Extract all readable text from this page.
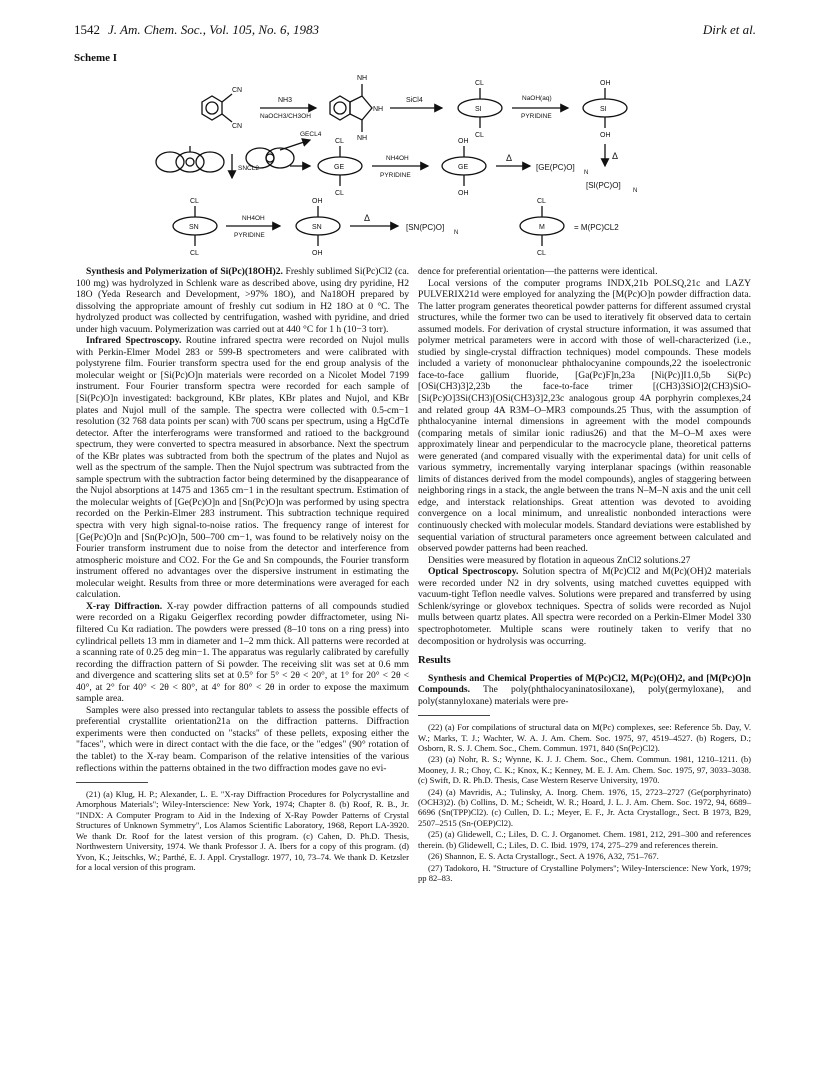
1542 J. Am. Chem. Soc., Vol. 105, No. 6, 1983	Dirk et al.
Scheme I
CN
CN
NH3
NaOCH3/CH3OH
NH
NH
NH
SiCl4
CL
SI
CL
NaOH(aq)
PYRIDINE
OH
SI
OH
Δ
[SI(PC)O]
N
SNCL2
GECL4
CL
GE
CL
NH4OH
PYRIDINE
OH
GE
OH
Δ
[GE(PC)O]
N
CL
SN
CL
NH4OH
PYRIDINE
OH
SN
OH
Δ
[SN(PC)O]
N
CL
M
CL
= M(PC)CL2

Synthesis and Polymerization of Si(Pc)(18OH)2. Freshly sublimed Si(Pc)Cl2 (ca. 100 mg) was hydrolyzed in Schlenk ware as described above, using dry pyridine, H2 18O (Yeda Research and Development, >97% 18O), and Na18OH prepared by dissolving the appropriate amount of freshly cut sodium in H2 18O at 0 °C. The hydrolyzed product was collected by centrifugation, washed with pyridine, and dried under high vacuum. Polymerization was carried out at 440 °C for 1 h (10−3 torr).

Infrared Spectroscopy. Routine infrared spectra were recorded on Nujol mulls with Perkin-Elmer Model 283 or 599-B spectrometers and were calibrated with polystyrene film. Fourier transform spectra used for the end group analysis of the molecular weight or [Si(Pc)O]n materials were recorded on a Nicolet Model 7199 instrument. Four Fourier transform spectra were recorded for each sample of [Si(Pc)O]n investigated: background, KBr plates, KBr plates and Nujol, and KBr plates and Nujol mull of the sample. The spectra were collected with 0.5-cm−1 resolution (32 768 data points per scan) with 700 scans per spectrum, using a HgCdTe detector. After the interferograms were transformed and ratioed to the background spectrum, they were converted to spectra measured in absorbance. Next the spectrum of the KBr plates was subtracted from both the spectrum of the plates and Nujol as well as the spectrum of the sample. Then the Nujol spectrum was subtracted from the sample spectrum with the subtraction factor being determined by the disappearance of the Nujol absorptions at 1475 and 1365 cm−1 in the resultant spectrum. Estimation of the molecular weights of [Ge(Pc)O]n and [Sn(Pc)O]n was performed by using spectra recorded on the Perkin-Elmer 283 instrument. This subtraction technique required spectra with very high signal-to-noise ratios. The frequency range of interest for [Ge(Pc)O]n and [Sn(Pc)O]n, 500–700 cm−1, was found to be relatively noisy on the Fourier transform instrument due to noise from the detector and interference from atmospheric moisture and CO2. For the Ge and Sn compounds, the Fourier transform instrument offered no advantages over the dispersive instrument in estimating the molecular weight. Results from three or more determinations were averaged for each calculation.

X-ray Diffraction. X-ray powder diffraction patterns of all compounds studied were recorded on a Rigaku Geigerflex recording powder diffractometer, using Ni-filtered Cu Kα radiation. The powders were pressed (8–10 tons on a ring press) into cylindrical pellets 13 mm in diameter and 1–2 mm thick. All patterns were recorded at a scanning rate of 0.25 deg min−1. The apparatus was regularly calibrated by carefully recording the diffraction pattern of Si powder. The receiving slit was set at 0.6 mm and divergence and scattering slits set at 0.5° for 5° < 2θ < 20°, at 1° for 20° < 2θ < 40°, at 2° for 40° < 2θ < 80°, at 4° for 80° < 2θ in order to expose the maximum sample area.

Samples were also pressed into rectangular tablets to assess the possible effects of preferential crystallite orientation21a on the diffraction patterns. Diffraction experiments were then conducted on "stacks" of these pellets, exposing either the "faces", which were in direct contact with the die face, or the "edges" (90° rotation of the tablet) to the X-ray beam. Comparison of the relative intensities of the various reflections within the patterns obtained in the two diffraction modes gave no evi-

(21) (a) Klug, H. P.; Alexander, L. E. "X-ray Diffraction Procedures for Polycrystalline and Amorphous Materials"; Wiley-Interscience: New York, 1974; Chapter 8. (b) Roof, R. B., Jr. "INDX: A Computer Program to Aid in the Indexing of X-Ray Powder Patterns of Crystal Structures of Unknown Symmetry", Los Alamos Scientific Laboratory, 1968, Report LA-3920. We thank Dr. Roof for the latest version of this program. (c) Cahen, D. Ph.D. Thesis, Northwestern University, 1974. We thank Professor J. A. Ibers for a copy of this program. (d) Yvon, K.; Jeitschks, W.; Parthé, E. J. Appl. Crystallogr. 1977, 10, 73–74. We thank D. Ketzsler for a local version of this program.

dence for preferential orientation—the patterns were identical.

Local versions of the computer programs INDX,21b POLSQ,21c and LAZY PULVERIX21d were employed for analyzing the [M(Pc)O]n powder diffraction data. The latter program generates theoretical powder patterns for different assumed crystal structures, while the former two can be used to iteratively fit observed data to certain assumed models. For derivation of crystal structure information, it was assumed that polymer metrical parameters were in accord with those of well-characterized (i.e., studied by single-crystal diffraction techniques) model compounds. These models included a variety of mononuclear phthalocyanine compounds,22 the isoelectronic face-to-face gallium fluoride, [Ga(Pc)F]n,23a [Ni(Pc)]I1.0,5b Si(Pc)[OSi(CH3)3]2,23b the face-to-face trimer [(CH3)3SiO]2(CH3)SiO-[Si(Pc)O]3Si(CH3)[OSi(CH3)3]2,23c analogous group 4A porphyrin complexes,24 and related group 4A R3M–O–MR3 compounds.25 Thus, with the assumption of phthalocyanine internal dimensions in agreement with the model compounds (comparing metals of similar ionic radius26) and that the M–O–M axes were approximately linear and perpendicular to the macrocycle plane, theoretical patterns were generated (and compared visually with the experimental data) for unit cells of various symmetry, incrementally varying interplanar spacings (within reasonable limits of distances derived from the model compounds), angles of staggering between neighboring rings in a stack, the angle between the trans N–M–N axis and the unit cell edge, and interstack relationships. Great attention was devoted to avoiding convergence on a local minimum, and unrealistic nonbonded interactions were continuously checked with molecular models. Standard deviations were established by sequential variation of structural parameters once agreement between calculated and observed powder patterns had been reached.

Densities were measured by flotation in aqueous ZnCl2 solutions.27

Optical Spectroscopy. Solution spectra of M(Pc)Cl2 and M(Pc)(OH)2 materials were recorded under N2 in dry solvents, using matched cuvettes equipped with vacuum-tight Teflon needle valves. Solutions were prepared and transferred by using Schlenk/syringe or glovebox techniques. Spectra of solids were recorded as Nujol mulls between quartz plates. All spectra were recorded on a Perkin-Elmer Model 330 spectrophotometer. Multiple scans were routinely taken to verify that no decomposition or hydrolysis was occurring.

Results

Synthesis and Chemical Properties of M(Pc)Cl2, M(Pc)(OH)2, and [M(Pc)O]n Compounds. The poly(phthalocyaninatosiloxane), poly(germyloxane), and poly(stannyloxane) materials were pre-

(22) (a) For compilations of structural data on M(Pc) complexes, see: Reference 5b. Day, V. W.; Marks, T. J.; Wachter, W. A. J. Am. Chem. Soc. 1975, 97, 4519–4527. (b) Rogers, D.; Osborn, R. S. J. Chem. Soc., Chem. Commun. 1971, 840 (Sn(Pc)Cl2).

(23) (a) Nohr, R. S.; Wynne, K. J. J. Chem. Soc., Chem. Commun. 1981, 1210–1211. (b) Mooney, J. R.; Choy, C. K.; Knox, K.; Kenney, M. E. J. Am. Chem. Soc. 1975, 97, 3033–3038. (c) Swift, D. R. Ph.D. Thesis, Case Western Reserve University, 1970.

(24) (a) Mavridis, A.; Tulinsky, A. Inorg. Chem. 1976, 15, 2723–2727 (Ge(porphyrinato)(OCH3)2). (b) Collins, D. M.; Scheidt, W. R.; Hoard, J. L. J. Am. Chem. Soc. 1972, 94, 6689–6696 (Sn(TPP)Cl2). (c) Cullen, D. L.; Meyer, E. F., Jr. Acta Crystallogr., Sect. B 1973, B29, 2507–2515 (Sn-(OEP)Cl2).

(25) (a) Glidewell, C.; Liles, D. C. J. Organomet. Chem. 1981, 212, 291–300 and references therein. (b) Glidewell, C.; Liles, D. C. Ibid. 1979, 174, 275–279 and references therein.

(26) Shannon, E. S. Acta Crystallogr., Sect. A 1976, A32, 751–767.

(27) Tadokoro, H. "Structure of Crystalline Polymers"; Wiley-Interscience: New York, 1979; pp 82–83.
